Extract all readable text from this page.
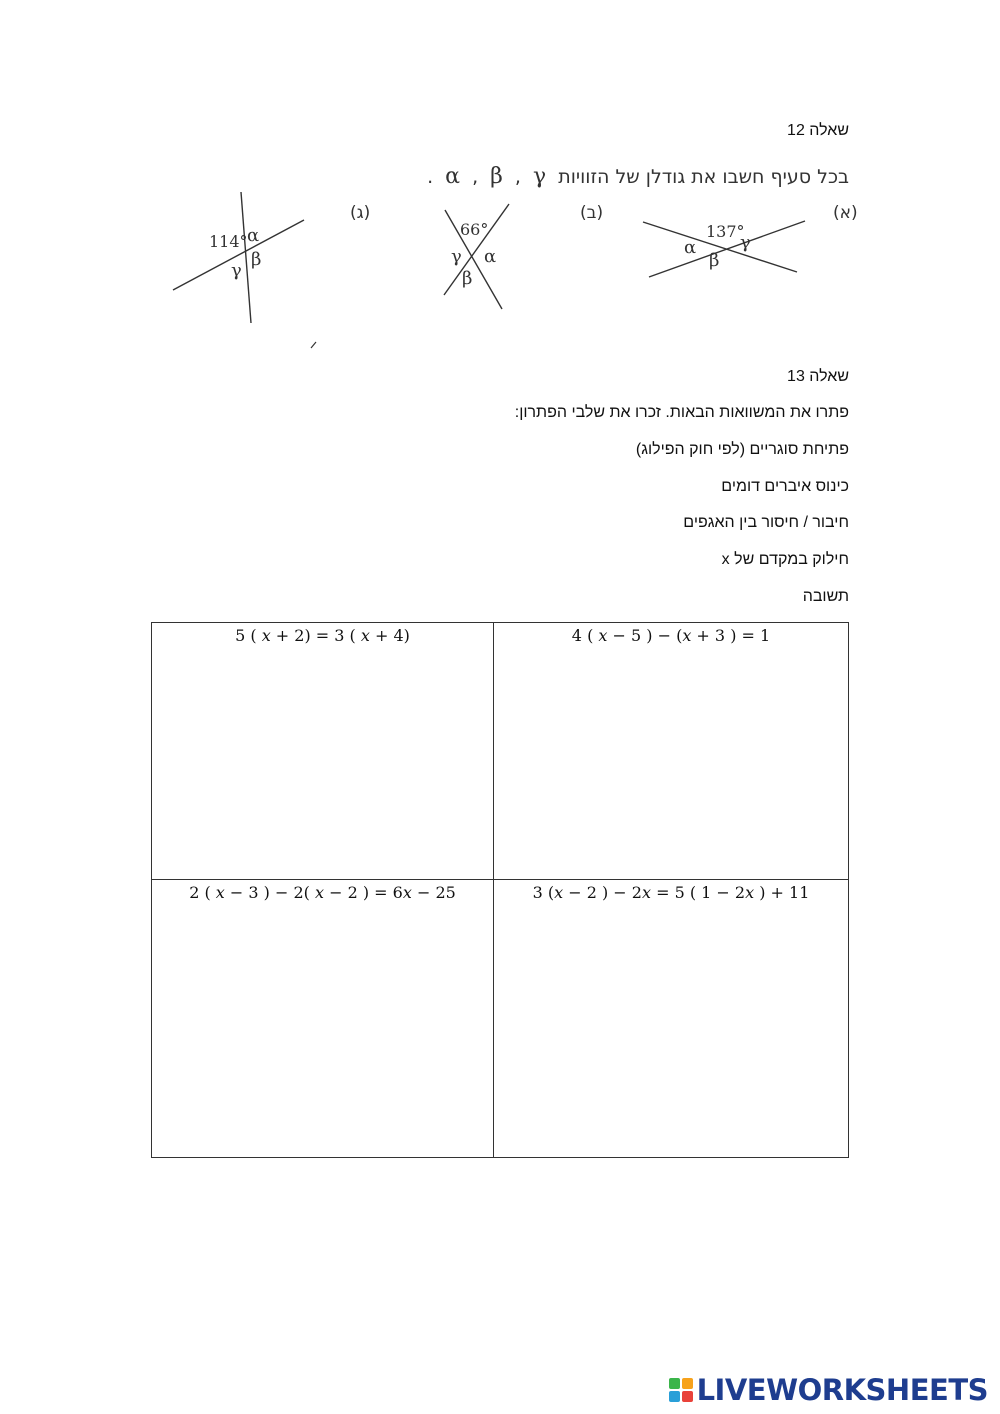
שאלה 12
בכל סעיף חשבו את גודלן של הזוויות α , β , γ .
(א)
137°
α
β
γ
(ב)
66°
γ α
β
(ג)
114° α
γ
β
שאלה 13
פתרו את המשוואות הבאות. זכרו את שלבי הפתרון:
פתיחת סוגריים (לפי חוק הפילוג)
כינוס איברים דומים
חיבור / חיסור בין האגפים
חילוק במקדם של x
תשובה
5 ( 𝑥 + 2) = 3 ( 𝑥 + 4)	4 ( 𝑥 − 5 ) − (𝑥 + 3 ) = 1

2 ( 𝑥 − 3 ) − 2( 𝑥 − 2 ) = 6𝑥 − 25	3 (𝑥 − 2 ) − 2𝑥 = 5 ( 1 − 2𝑥 ) + 11
LIVEWORKSHEETS
